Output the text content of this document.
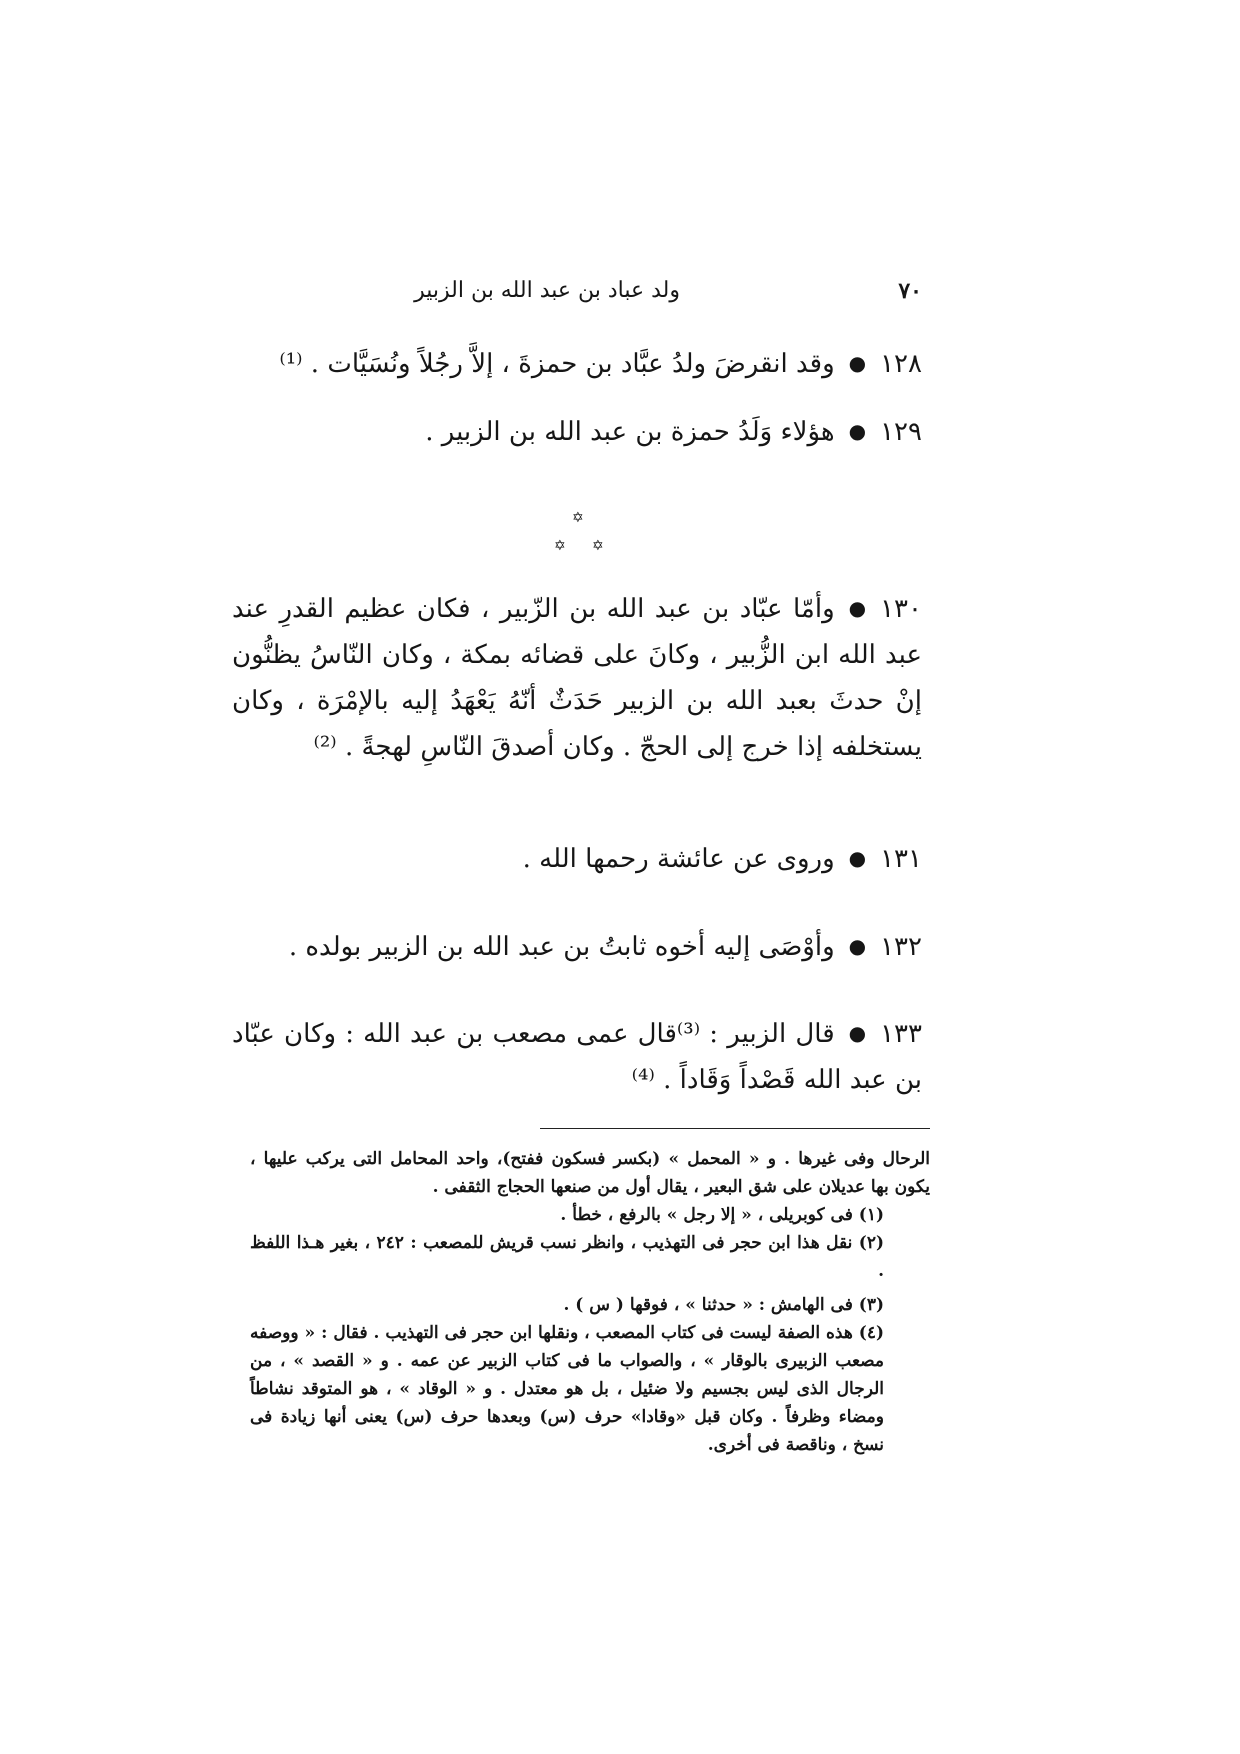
ولد عباد بن عبد الله بن الزبير	٧٠
١٢٨●وقد انقرضَ ولدُ عبَّاد بن حمزةَ ، إلاَّ رجُلاً ونُسَيَّات . ⁽¹⁾
١٢٩●هؤلاء وَلَدُ حمزة بن عبد الله بن الزبير .
✡
✡ ✡
١٣٠●وأمّا عبّاد بن عبد الله بن الزّبير ، فكان عظيم القدرِ عند عبد الله ابن الزُّبير ، وكانَ على قضائه بمكة ، وكان النّاسُ يظنُّون إنْ حدثَ بعبد الله بن الزبير حَدَثٌ أنّهُ يَعْهَدُ إليه بالإمْرَة ، وكان يستخلفه إذا خرج إلى الحجّ . وكان أصدقَ النّاسِ لهجةً . ⁽²⁾
١٣١●وروى عن عائشة رحمها الله .
١٣٢●وأوْصَى إليه أخوه ثابتُ بن عبد الله بن الزبير بولده .
١٣٣●قال الزبير : ⁽³⁾قال عمى مصعب بن عبد الله : وكان عبّاد بن عبد الله قَصْداً وَقَاداً . ⁽⁴⁾

الرحال وفى غيرها . و « المحمل » (بكسر فسكون ففتح)، واحد المحامل التى يركب عليها ، يكون بها عديلان على شق البعير ، يقال أول من صنعها الحجاج الثقفى .

(١) فى كوبريلى ، « إلا رجل » بالرفع ، خطأ .

(٢) نقل هذا ابن حجر فى التهذيب ، وانظر نسب قريش للمصعب : ٢٤٢ ، بغير هـذا اللفظ .

(٣) فى الهامش : « حدثنا » ، فوقها ( س ) .

(٤) هذه الصفة ليست فى كتاب المصعب ، ونقلها ابن حجر فى التهذيب . فقال : « ووصفه مصعب الزبيرى بالوقار » ، والصواب ما فى كتاب الزبير عن عمه . و « القصد » ، من الرجال الذى ليس بجسيم ولا ضئيل ، بل هو معتدل . و « الوقاد » ، هو المتوقد نشاطاً ومضاء وظرفاً . وكان قبل «وقادا» حرف (س) وبعدها حرف (س) يعنى أنها زيادة فى نسخ ، وناقصة فى أخرى.
